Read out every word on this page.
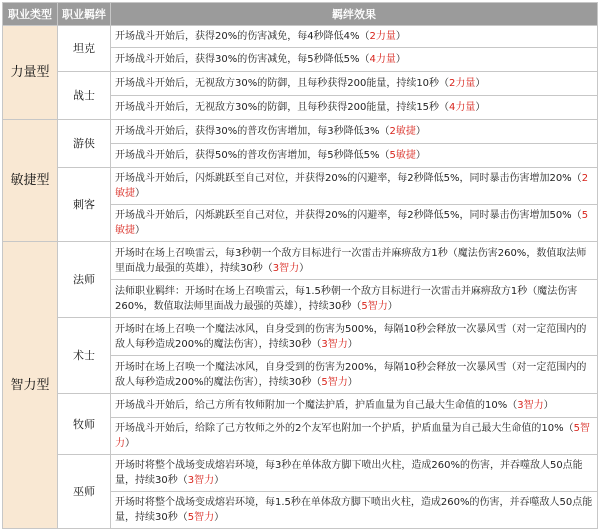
职业类型	职业羁绊	羁绊效果
力量型	坦克	开场战斗开始后，获得20%的伤害减免，每4秒降低4%（2力量）
		开场战斗开始后，获得30%的伤害减免，每5秒降低5%（4力量）
	战士	开场战斗开始后，无视敌方30%的防御，且每秒获得200能量，持续10秒（2力量）
		开场战斗开始后，无视敌方30%的防御，且每秒获得200能量，持续15秒（4力量）
敏捷型	游侠	开场战斗开始后，获得30%的普攻伤害增加，每3秒降低3%（2敏捷）
		开场战斗开始后，获得50%的普攻伤害增加，每5秒降低5%（5敏捷）
	刺客	开场战斗开始后，闪烁跳跃至自己对位，并获得20%的闪避率，每2秒降低5%，同时暴击伤害增加20%（2敏捷）
		开场战斗开始后，闪烁跳跃至自己对位，并获得20%的闪避率，每2秒降低5%，同时暴击伤害增加50%（5敏捷）
智力型	法师	开场时在场上召唤雷云，每3秒朝一个敌方目标进行一次雷击并麻痹敌方1秒（魔法伤害260%，数值取法师里面战力最强的英雄），持续30秒（3智力）
		法师职业羁绊：开场时在场上召唤雷云，每1.5秒朝一个敌方目标进行一次雷击并麻痹敌方1秒（魔法伤害260%，数值取法师里面战力最强的英雄），持续30秒（5智力）
	术士	开场时在场上召唤一个魔法冰风，自身受到的伤害为500%，每隔10秒会释放一次暴风雪（对一定范围内的敌人每秒造成200%的魔法伤害），持续30秒（3智力）
		开场时在场上召唤一个魔法冰风，自身受到的伤害为200%，每隔10秒会释放一次暴风雪（对一定范围内的敌人每秒造成200%的魔法伤害），持续30秒（5智力）
	牧师	开场战斗开始后，给己方所有牧师附加一个魔法护盾，护盾血量为自己最大生命值的10%（3智力）
		开场战斗开始后，给除了己方牧师之外的2个友军也附加一个护盾，护盾血量为自己最大生命值的10%（5智力）
	巫师	开场时将整个战场变成熔岩环境，每3秒在单体敌方脚下喷出火柱，造成260%的伤害，并吞噬敌人50点能量，持续30秒（3智力）
		开场时将整个战场变成熔岩环境，每1.5秒在单体敌方脚下喷出火柱，造成260%的伤害，并吞噬敌人50点能量，持续30秒（5智力）
